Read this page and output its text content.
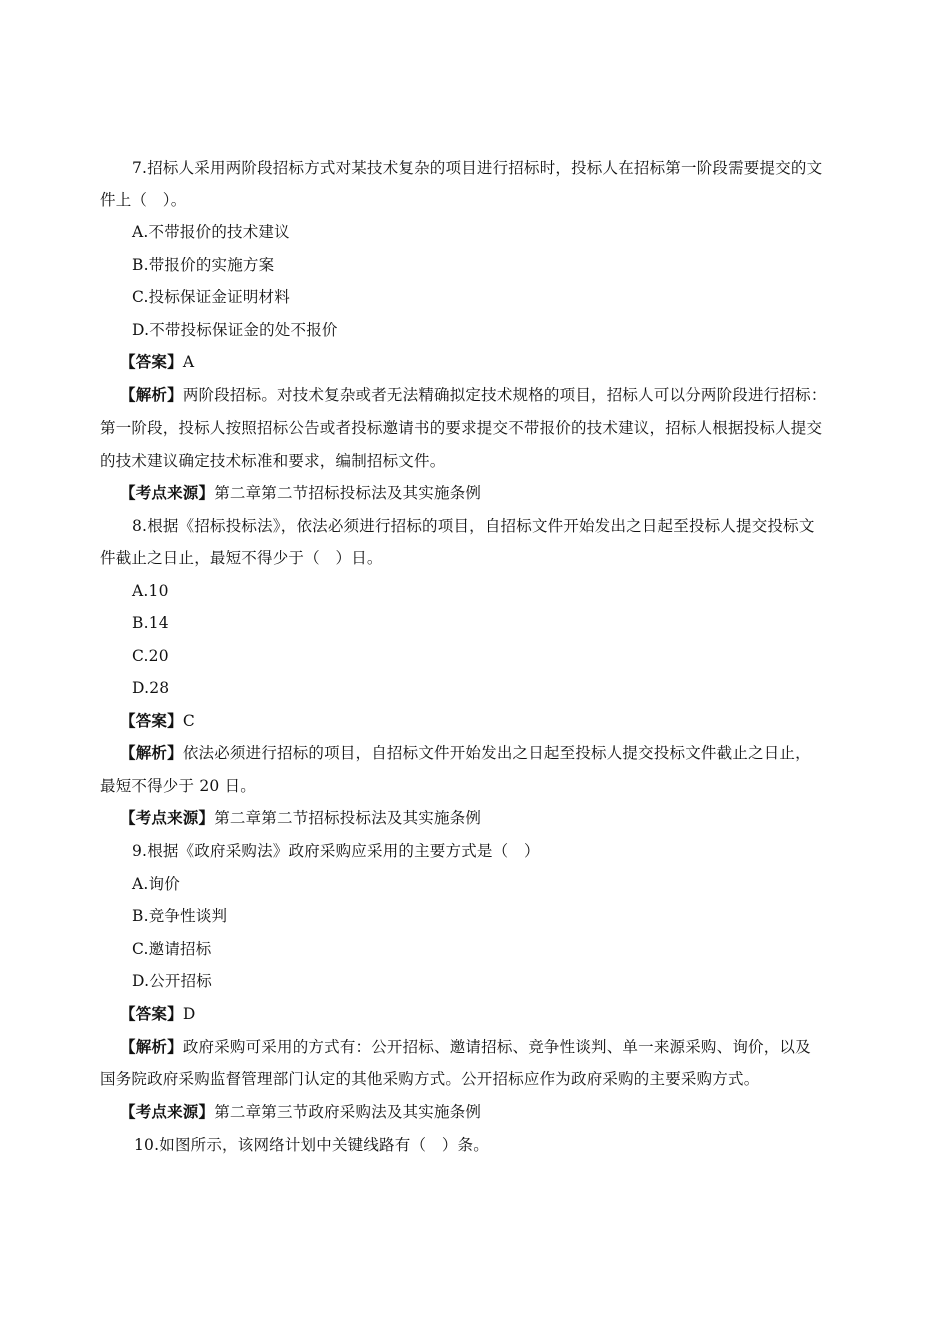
7.招标人采用两阶段招标方式对某技术复杂的项目进行招标时，投标人在招标第一阶段需要提交的文
件上（　）。
A.不带报价的技术建议
B.带报价的实施方案
C.投标保证金证明材料
D.不带投标保证金的处不报价
【答案】A
【解析】两阶段招标。对技术复杂或者无法精确拟定技术规格的项目，招标人可以分两阶段进行招标：
第一阶段，投标人按照招标公告或者投标邀请书的要求提交不带报价的技术建议，招标人根据投标人提交
的技术建议确定技术标准和要求，编制招标文件。
【考点来源】第二章第二节招标投标法及其实施条例
8.根据《招标投标法》，依法必须进行招标的项目，自招标文件开始发出之日起至投标人提交投标文
件截止之日止，最短不得少于（　）日。
A.10
B.14
C.20
D.28
【答案】C
【解析】依法必须进行招标的项目，自招标文件开始发出之日起至投标人提交投标文件截止之日止，
最短不得少于 20 日。
【考点来源】第二章第二节招标投标法及其实施条例
9.根据《政府采购法》政府采购应采用的主要方式是（　）
A.询价
B.竞争性谈判
C.邀请招标
D.公开招标
【答案】D
【解析】政府采购可采用的方式有：公开招标、邀请招标、竞争性谈判、单一来源采购、询价，以及
国务院政府采购监督管理部门认定的其他采购方式。公开招标应作为政府采购的主要采购方式。
【考点来源】第二章第三节政府采购法及其实施条例
10.如图所示，该网络计划中关键线路有（　）条。
